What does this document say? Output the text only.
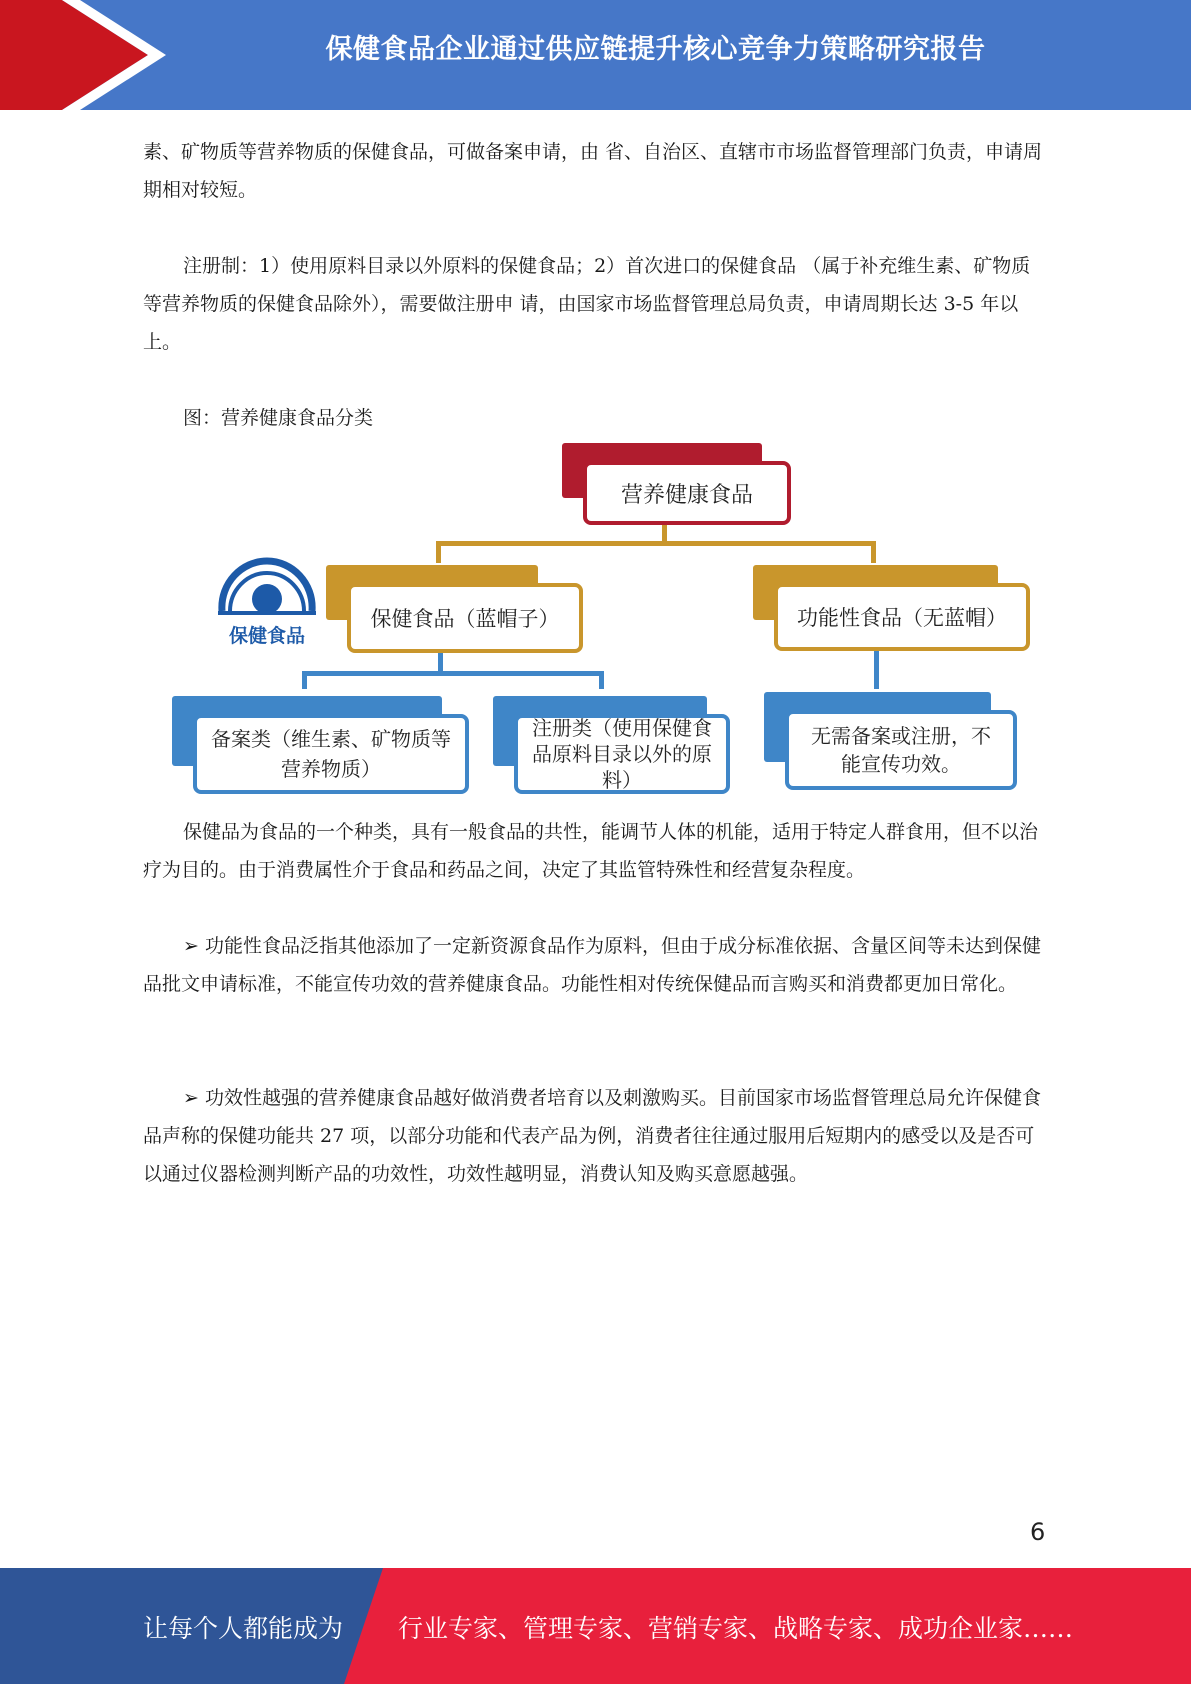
保健食品企业通过供应链提升核心竞争力策略研究报告

素、矿物质等营养物质的保健食品，可做备案申请，由 省、自治区、直辖市市场监督管理部门负责，申请周期相对较短。

注册制：1）使用原料目录以外原料的保健食品；2）首次进口的保健食品 （属于补充维生素、矿物质等营养物质的保健食品除外），需要做注册申 请，由国家市场监督管理总局负责，申请周期长达 3-5 年以上。

图：营养健康食品分类

营养健康食品
保健食品
保健食品（蓝帽子）	功能性食品（无蓝帽）
备案类（维生素、矿物质等营养物质）
注册类（使用保健食品原料目录以外的原料）
无需备案或注册，不能宣传功效。

保健品为食品的一个种类，具有一般食品的共性，能调节人体的机能，适用于特定人群食用，但不以治疗为目的。由于消费属性介于食品和药品之间，决定了其监管特殊性和经营复杂程度。

➢ 功能性食品泛指其他添加了一定新资源食品作为原料，但由于成分标准依据、含量区间等未达到保健品批文申请标准，不能宣传功效的营养健康食品。功能性相对传统保健品而言购买和消费都更加日常化。

➢ 功效性越强的营养健康食品越好做消费者培育以及刺激购买。目前国家市场监督管理总局允许保健食品声称的保健功能共 27 项，以部分功能和代表产品为例，消费者往往通过服用后短期内的感受以及是否可以通过仪器检测判断产品的功效性，功效性越明显，消费认知及购买意愿越强。

6
让每个人都能成为 行业专家、管理专家、营销专家、战略专家、成功企业家……
